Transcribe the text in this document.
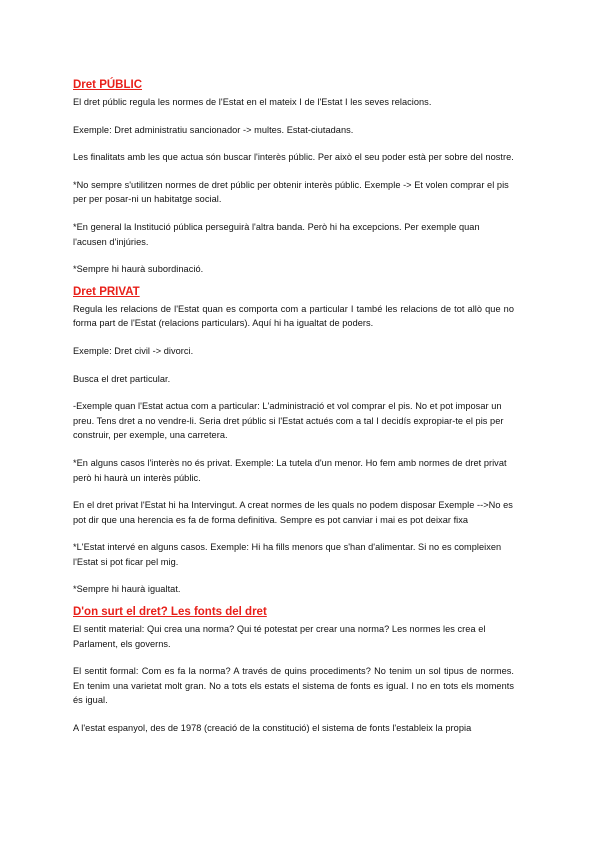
Dret PÚBLIC

El dret públic regula les normes de l'Estat en el mateix I de l'Estat I les seves relacions.

Exemple: Dret administratiu sancionador -> multes. Estat-ciutadans.

Les finalitats amb les que actua són buscar l'interès públic. Per això el seu poder està per sobre del nostre.

*No sempre s'utilitzen normes de dret públic per obtenir interès públic. Exemple -> Et volen comprar el pis per per posar-ni un habitatge social.

*En general la Institució pública perseguirà l'altra banda. Però hi ha excepcions. Per exemple quan l'acusen d'injúries.

*Sempre hi haurà subordinació.

Dret PRIVAT

Regula les relacions de l'Estat quan es comporta com a particular I també les relacions de tot allò que no forma part de l'Estat (relacions particulars). Aquí hi ha igualtat de poders.

Exemple: Dret civil -> divorci.

Busca el dret particular.

-Exemple quan l'Estat actua com a particular: L'administració et vol comprar el pis. No et pot imposar un preu. Tens dret a no vendre-li. Seria dret públic si l'Estat actués com a tal I decidís expropiar-te el pis per construir, per exemple, una carretera.

*En alguns casos l'interès no és privat. Exemple: La tutela d'un menor. Ho fem amb normes de dret privat però hi haurà un interès públic.

En el dret privat l'Estat hi ha Intervingut. A creat normes de les quals no podem disposar Exemple -->No es pot dir que una herencia es fa de forma definitiva. Sempre es pot canviar i mai es pot deixar fixa

*L'Estat intervé en alguns casos. Exemple: Hi ha fills menors que s'han d'alimentar. Si no es compleixen l'Estat si pot ficar pel mig.

*Sempre hi haurà igualtat.

D'on surt el dret? Les fonts del dret

El sentit material: Qui crea una norma? Qui té potestat per crear una norma? Les normes les crea el Parlament, els governs.

El sentit formal: Com es fa la norma? A través de quins procediments? No tenim un sol tipus de normes. En tenim una varietat molt gran. No a tots els estats el sistema de fonts es igual. I no en tots els moments és igual.

A l'estat espanyol, des de 1978 (creació de la constitució) el sistema de fonts l'estableix la propia
